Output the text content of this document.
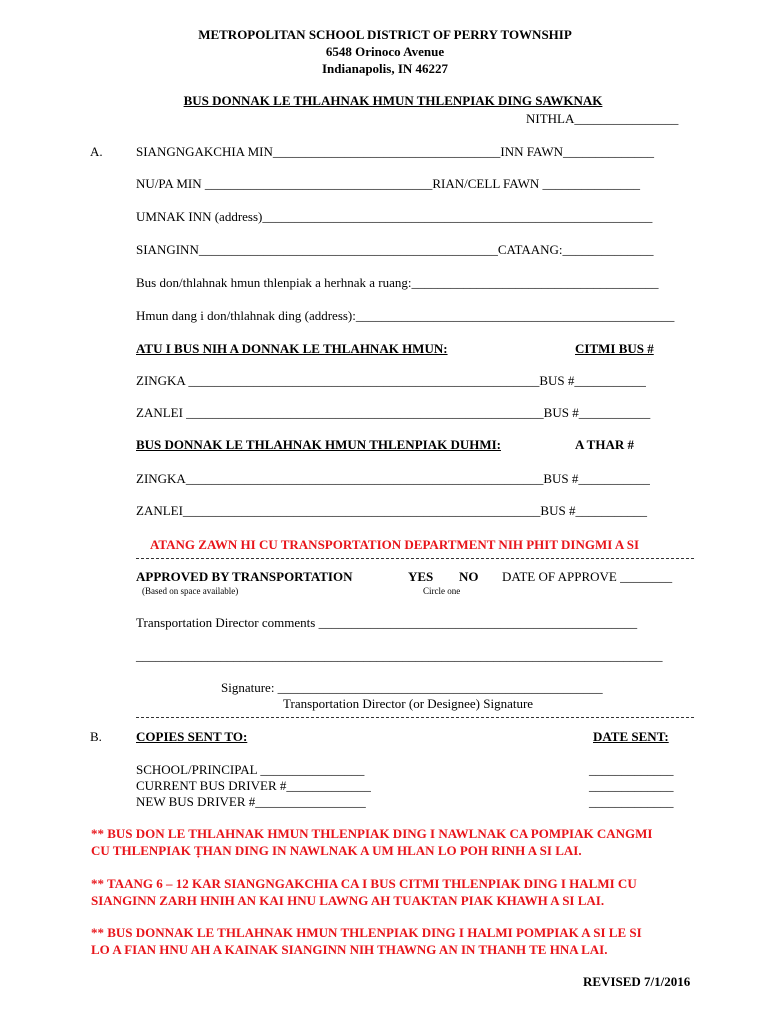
METROPOLITAN SCHOOL DISTRICT OF PERRY TOWNSHIP
6548 Orinoco Avenue
Indianapolis, IN 46227
BUS DONNAK LE THLAHNAK HMUN THLENPIAK DING SAWKNAK
NITHLA________________
A.	SIANGNGAKCHIA MIN___________________________________INN FAWN______________
NU/PA MIN ___________________________________RIAN/CELL FAWN _______________
UMNAK INN (address)____________________________________________________________
SIANGINN______________________________________________CATAANG:______________
Bus don/thlahnak hmun thlenpiak a herhnak a ruang:______________________________________
Hmun dang i don/thlahnak ding (address):_________________________________________________
ATU I BUS NIH A DONNAK LE THLAHNAK HMUN:	CITMI BUS #
ZINGKA ______________________________________________________BUS #___________
ZANLEI _______________________________________________________BUS #___________
BUS DONNAK LE THLAHNAK HMUN THLENPIAK DUHMI:	A THAR #
ZINGKA_______________________________________________________BUS #___________
ZANLEI_______________________________________________________BUS #___________
ATANG ZAWN HI CU TRANSPORTATION DEPARTMENT NIH PHIT DINGMI A SI
APPROVED BY TRANSPORTATION
(Based on space available)
YES NO
Circle one
DATE OF APPROVE ________
Transportation Director comments _________________________________________________
_________________________________________________________________________________
Signature: __________________________________________________
Transportation Director (or Designee) Signature
B.	COPIES SENT TO:	DATE SENT:
SCHOOL/PRINCIPAL ________________	_____________
CURRENT BUS DRIVER #_____________	_____________
NEW BUS DRIVER #_________________	_____________
** BUS DON LE THLAHNAK HMUN THLENPIAK DING I NAWLNAK CA POMPIAK CANGMI
CU THLENPIAK ṬHAN DING IN NAWLNAK A UM HLAN LO POH RINH A SI LAI.
** TAANG 6 – 12 KAR SIANGNGAKCHIA CA I BUS CITMI THLENPIAK DING I HALMI CU
SIANGINN ZARH HNIH AN KAI HNU LAWNG AH TUAKTAN PIAK KHAWH A SI LAI.
** BUS DONNAK LE THLAHNAK HMUN THLENPIAK DING I HALMI POMPIAK A SI LE SI
LO A FIAN HNU AH A KAINAK SIANGINN NIH THAWNG AN IN THANH TE HNA LAI.
REVISED 7/1/2016
